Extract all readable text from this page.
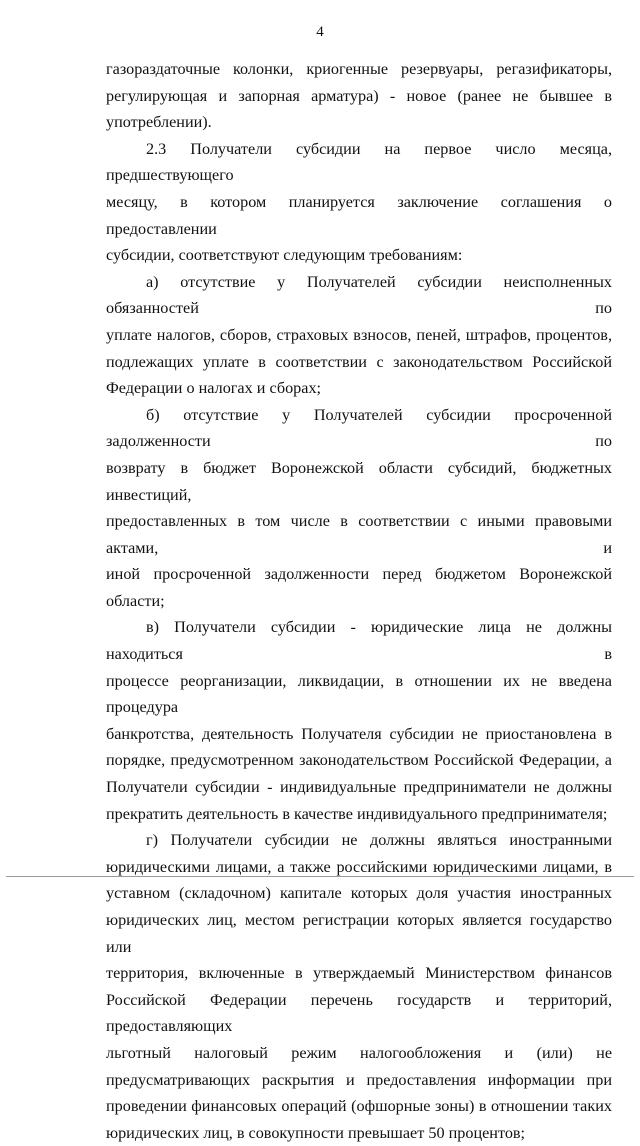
4

газораздаточные колонки, криогенные резервуары, регазификаторы,
регулирующая и запорная арматура) - новое (ранее не бывшее в
употреблении).

2.3 Получатели субсидии на первое число месяца, предшествующего
месяцу, в котором планируется заключение соглашения о предоставлении
субсидии, соответствуют следующим требованиям:

а) отсутствие у Получателей субсидии неисполненных обязанностей по
уплате налогов, сборов, страховых взносов, пеней, штрафов, процентов,
подлежащих уплате в соответствии с законодательством Российской
Федерации о налогах и сборах;

б) отсутствие у Получателей субсидии просроченной задолженности по
возврату в бюджет Воронежской области субсидий, бюджетных инвестиций,
предоставленных в том числе в соответствии с иными правовыми актами, и
иной просроченной задолженности перед бюджетом Воронежской области;

в) Получатели субсидии - юридические лица не должны находиться в
процессе реорганизации, ликвидации, в отношении их не введена процедура
банкротства, деятельность Получателя субсидии не приостановлена в
порядке, предусмотренном законодательством Российской Федерации, а
Получатели субсидии - индивидуальные предприниматели не должны
прекратить деятельность в качестве индивидуального предпринимателя;

г) Получатели субсидии не должны являться иностранными
юридическими лицами, а также российскими юридическими лицами, в
уставном (складочном) капитале которых доля участия иностранных
юридических лиц, местом регистрации которых является государство или
территория, включенные в утверждаемый Министерством финансов
Российской Федерации перечень государств и территорий, предоставляющих
льготный налоговый режим налогообложения и (или) не
предусматривающих раскрытия и предоставления информации при
проведении финансовых операций (офшорные зоны) в отношении таких
юридических лиц, в совокупности превышает 50 процентов;
